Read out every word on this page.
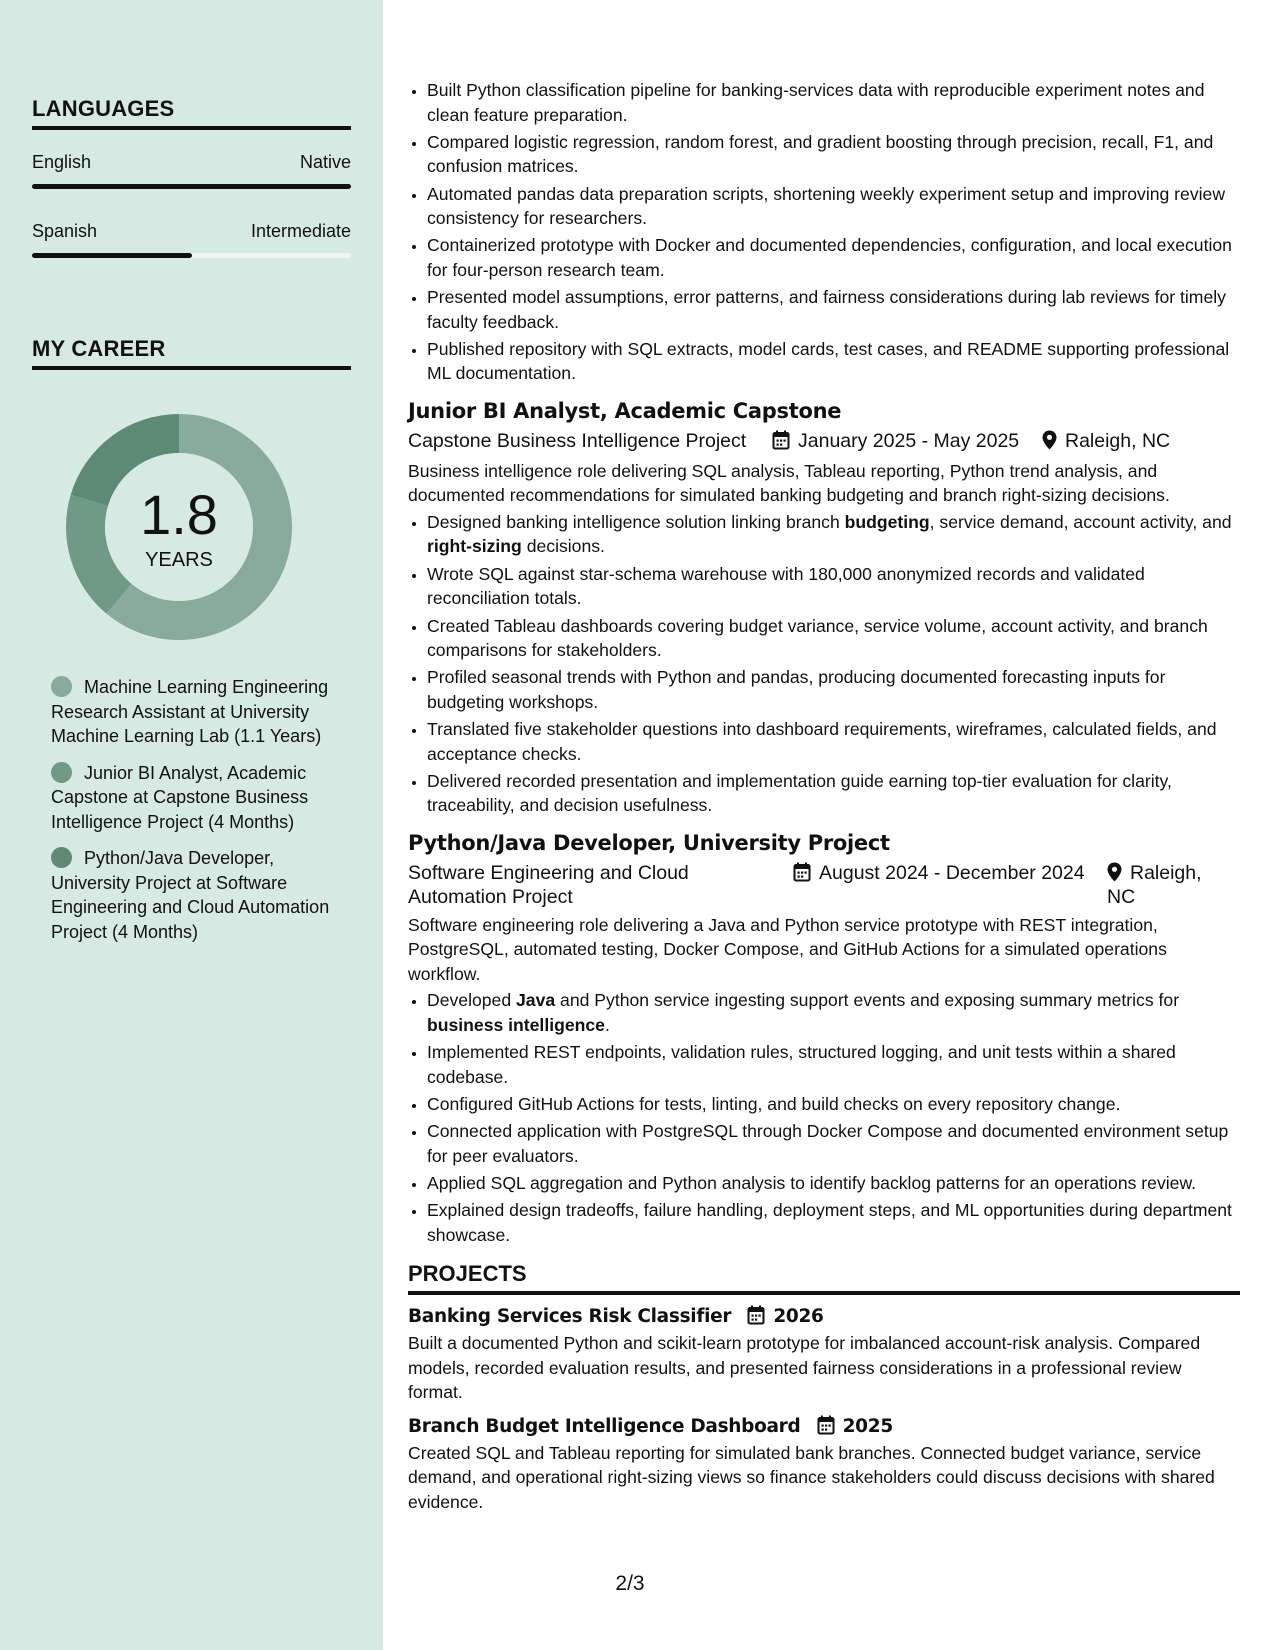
LANGUAGES
English	Native
Spanish	Intermediate
MY CAREER
1.8
YEARS
Machine Learning Engineering Research Assistant at University Machine Learning Lab (1.1 Years)
Junior BI Analyst, Academic Capstone at Capstone Business Intelligence Project (4 Months)
Python/Java Developer, University Project at Software Engineering and Cloud Automation Project (4 Months)
• Built Python classification pipeline for banking-services data with reproducible experiment notes and clean feature preparation.
• Compared logistic regression, random forest, and gradient boosting through precision, recall, F1, and confusion matrices.
• Automated pandas data preparation scripts, shortening weekly experiment setup and improving review consistency for researchers.
• Containerized prototype with Docker and documented dependencies, configuration, and local execution for four-person research team.
• Presented model assumptions, error patterns, and fairness considerations during lab reviews for timely faculty feedback.
• Published repository with SQL extracts, model cards, test cases, and README supporting professional ML documentation.
Junior BI Analyst, Academic Capstone
Capstone Business Intelligence Project	January 2025 - May 2025	Raleigh, NC
Business intelligence role delivering SQL analysis, Tableau reporting, Python trend analysis, and documented recommendations for simulated banking budgeting and branch right-sizing decisions.
• Designed banking intelligence solution linking branch budgeting, service demand, account activity, and right-sizing decisions.
• Wrote SQL against star-schema warehouse with 180,000 anonymized records and validated reconciliation totals.
• Created Tableau dashboards covering budget variance, service volume, account activity, and branch comparisons for stakeholders.
• Profiled seasonal trends with Python and pandas, producing documented forecasting inputs for budgeting workshops.
• Translated five stakeholder questions into dashboard requirements, wireframes, calculated fields, and acceptance checks.
• Delivered recorded presentation and implementation guide earning top-tier evaluation for clarity, traceability, and decision usefulness.
Python/Java Developer, University Project
Software Engineering and Cloud Automation Project
August 2024 - December 2024	Raleigh, NC
Software engineering role delivering a Java and Python service prototype with REST integration, PostgreSQL, automated testing, Docker Compose, and GitHub Actions for a simulated operations workflow.
• Developed Java and Python service ingesting support events and exposing summary metrics for business intelligence.
• Implemented REST endpoints, validation rules, structured logging, and unit tests within a shared codebase.
• Configured GitHub Actions for tests, linting, and build checks on every repository change.
• Connected application with PostgreSQL through Docker Compose and documented environment setup for peer evaluators.
• Applied SQL aggregation and Python analysis to identify backlog patterns for an operations review.
• Explained design tradeoffs, failure handling, deployment steps, and ML opportunities during department showcase.
PROJECTS
Banking Services Risk Classifier 2026
Built a documented Python and scikit-learn prototype for imbalanced account-risk analysis. Compared models, recorded evaluation results, and presented fairness considerations in a professional review format.
Branch Budget Intelligence Dashboard 2025
Created SQL and Tableau reporting for simulated bank branches. Connected budget variance, service demand, and operational right-sizing views so finance stakeholders could discuss decisions with shared evidence.
2/3
